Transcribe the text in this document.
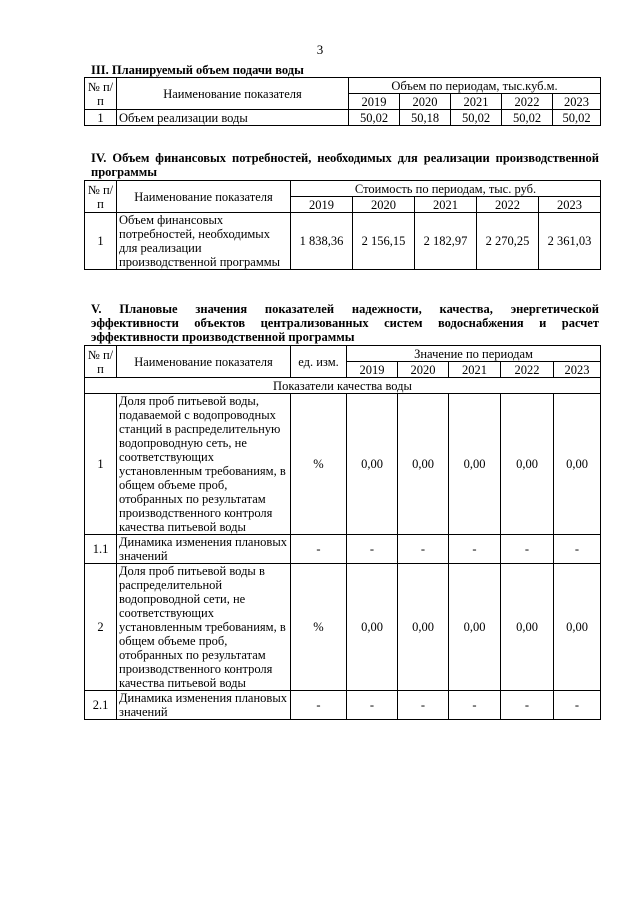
3
III. Планируемый объем подачи воды
№ п/п	Наименование показателя	Объем по периодам, тыс.куб.м.				
		2019	2020	2021	2022	2023
1	Объем реализации воды	50,02	50,18	50,02	50,02	50,02
IV. Объем финансовых потребностей, необходимых для реализации производственной программы
№ п/п	Наименование показателя	Стоимость по периодам, тыс. руб.				
		2019	2020	2021	2022	2023
1	Объем финансовых потребностей, необходимых для реализации производственной программы	1 838,36	2 156,15	2 182,97	2 270,25	2 361,03
V. Плановые значения показателей надежности, качества, энергетической эффективности объектов централизованных систем водоснабжения и расчет эффективности производственной программы
№ п/п	Наименование показателя	ед. изм.	Значение по периодам				
			2019	2020	2021	2022	2023
Показатели качества воды							
1	Доля проб питьевой воды, подаваемой с водопроводных станций в распределительную водопроводную сеть, не соответствующих установленным требованиям, в общем объеме проб, отобранных по результатам производственного контроля качества питьевой воды	%	0,00	0,00	0,00	0,00	0,00
1.1	Динамика изменения плановых значений	-	-	-	-	-	-
2	Доля проб питьевой воды в распределительной водопроводной сети, не соответствующих установленным требованиям, в общем объеме проб, отобранных по результатам производственного контроля качества питьевой воды	%	0,00	0,00	0,00	0,00	0,00
2.1	Динамика изменения плановых значений	-	-	-	-	-	-
